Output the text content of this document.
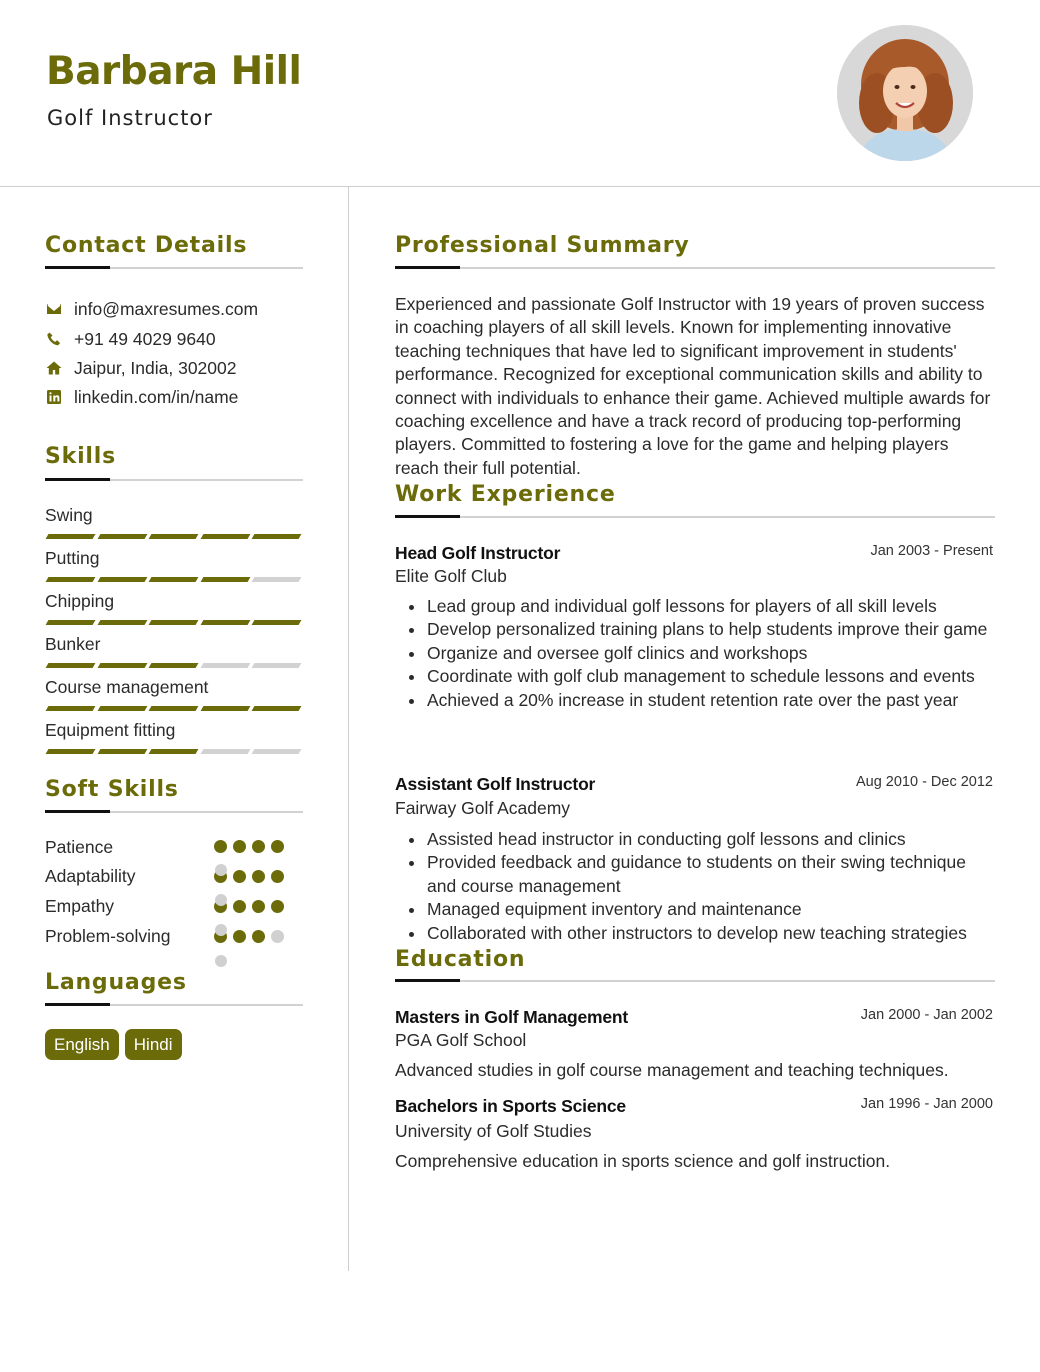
Barbara Hill
Golf Instructor
Contact Details
info@maxresumes.com
+91 49 4029 9640
Jaipur, India, 302002
linkedin.com/in/name
Skills
Swing
Putting
Chipping
Bunker
Course management
Equipment fitting
Soft Skills
Patience
Adaptability
Empathy
Problem-solving
Languages
English	Hindi
Professional Summary
Experienced and passionate Golf Instructor with 19 years of proven success in coaching players of all skill levels. Known for implementing innovative teaching techniques that have led to significant improvement in students' performance. Recognized for exceptional communication skills and ability to connect with individuals to enhance their game. Achieved multiple awards for coaching excellence and have a track record of producing top-performing players. Committed to fostering a love for the game and helping players reach their full potential.
Work Experience
Head Golf Instructor	Jan 2003 - Present
Elite Golf Club
Lead group and individual golf lessons for players of all skill levels
Develop personalized training plans to help students improve their game
Organize and oversee golf clinics and workshops
Coordinate with golf club management to schedule lessons and events
Achieved a 20% increase in student retention rate over the past year
Assistant Golf Instructor	Aug 2010 - Dec 2012
Fairway Golf Academy
Assisted head instructor in conducting golf lessons and clinics
Provided feedback and guidance to students on their swing technique and course management
Managed equipment inventory and maintenance
Collaborated with other instructors to develop new teaching strategies
Education
Masters in Golf Management	Jan 2000 - Jan 2002
PGA Golf School
Advanced studies in golf course management and teaching techniques.
Bachelors in Sports Science	Jan 1996 - Jan 2000
University of Golf Studies
Comprehensive education in sports science and golf instruction.
